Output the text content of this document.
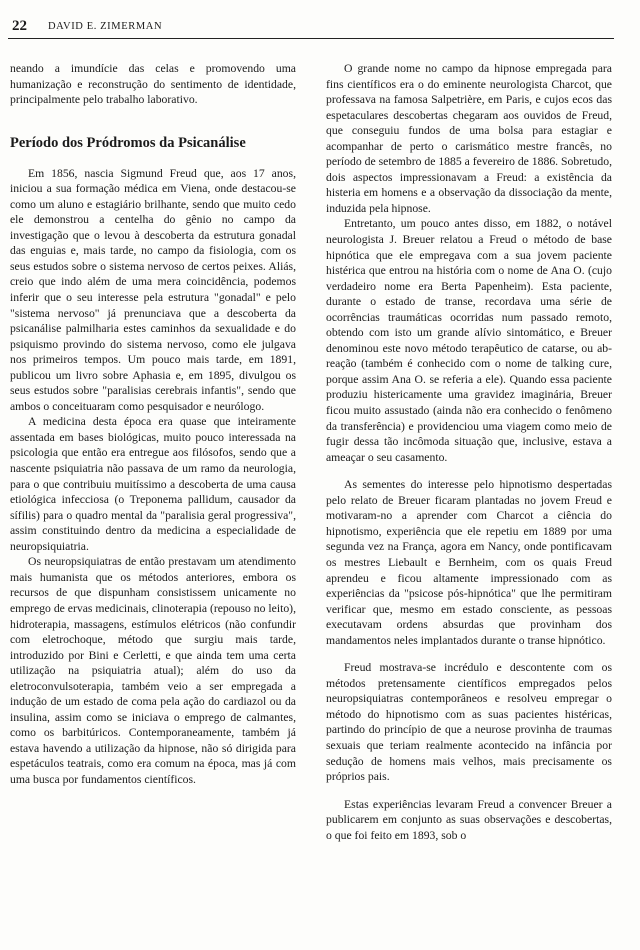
22 DAVID E. ZIMERMAN

neando a imundície das celas e promovendo uma humanização e reconstrução do sentimento de identidade, principalmente pelo trabalho laborativo.

Período dos Pródromos da Psicanálise

Em 1856, nascia Sigmund Freud que, aos 17 anos, iniciou a sua formação médica em Viena, onde destacou-se como um aluno e estagiário brilhante, sendo que muito cedo ele demonstrou a centelha do gênio no campo da investigação que o levou à descoberta da estrutura gonadal das enguias e, mais tarde, no campo da fisiologia, com os seus estudos sobre o sistema nervoso de certos peixes. Aliás, creio que indo além de uma mera coincidência, podemos inferir que o seu interesse pela estrutura "gonadal" e pelo "sistema nervoso" já prenunciava que a descoberta da psicanálise palmilharia estes caminhos da sexualidade e do psiquismo provindo do sistema nervoso, como ele julgava nos primeiros tempos. Um pouco mais tarde, em 1891, publicou um livro sobre Aphasia e, em 1895, divulgou os seus estudos sobre "paralisias cerebrais infantis", sendo que ambos o conceituaram como pesquisador e neurólogo.

A medicina desta época era quase que inteiramente assentada em bases biológicas, muito pouco interessada na psicologia que então era entregue aos filósofos, sendo que a nascente psiquiatria não passava de um ramo da neurologia, para o que contribuiu muitíssimo a descoberta de uma causa etiológica infecciosa (o Treponema pallidum, causador da sífilis) para o quadro mental da "paralisia geral progressiva", assim constituindo dentro da medicina a especialidade de neuropsiquiatria.

Os neuropsiquiatras de então prestavam um atendimento mais humanista que os métodos anteriores, embora os recursos de que dispunham consistissem unicamente no emprego de ervas medicinais, clinoterapia (repouso no leito), hidroterapia, massagens, estímulos elétricos (não confundir com eletrochoque, método que surgiu mais tarde, introduzido por Bini e Cerletti, e que ainda tem uma certa utilização na psiquiatria atual); além do uso da eletroconvulsoterapia, também veio a ser empregada a indução de um estado de coma pela ação do cardiazol ou da insulina, assim como se iniciava o emprego de calmantes, como os barbitúricos. Contemporaneamente, também já estava havendo a utilização da hipnose, não só dirigida para espetáculos teatrais, como era comum na época, mas já com uma busca por fundamentos científicos.

O grande nome no campo da hipnose empregada para fins científicos era o do eminente neurologista Charcot, que professava na famosa Salpetrière, em Paris, e cujos ecos das espetaculares descobertas chegaram aos ouvidos de Freud, que conseguiu fundos de uma bolsa para estagiar e acompanhar de perto o carismático mestre francês, no período de setembro de 1885 a fevereiro de 1886. Sobretudo, dois aspectos impressionavam a Freud: a existência da histeria em homens e a observação da dissociação da mente, induzida pela hipnose.

Entretanto, um pouco antes disso, em 1882, o notável neurologista J. Breuer relatou a Freud o método de base hipnótica que ele empregava com a sua jovem paciente histérica que entrou na história com o nome de Ana O. (cujo verdadeiro nome era Berta Papenheim). Esta paciente, durante o estado de transe, recordava uma série de ocorrências traumáticas ocorridas num passado remoto, obtendo com isto um grande alívio sintomático, e Breuer denominou este novo método terapêutico de catarse, ou ab-reação (também é conhecido com o nome de talking cure, porque assim Ana O. se referia a ele). Quando essa paciente produziu histericamente uma gravidez imaginária, Breuer ficou muito assustado (ainda não era conhecido o fenômeno da transferência) e providenciou uma viagem como meio de fugir dessa tão incômoda situação que, inclusive, estava a ameaçar o seu casamento.

As sementes do interesse pelo hipnotismo despertadas pelo relato de Breuer ficaram plantadas no jovem Freud e motivaram-no a aprender com Charcot a ciência do hipnotismo, experiência que ele repetiu em 1889 por uma segunda vez na França, agora em Nancy, onde pontificavam os mestres Liebault e Bernheim, com os quais Freud aprendeu e ficou altamente impressionado com as experiências da "psicose pós-hipnótica" que lhe permitiram verificar que, mesmo em estado consciente, as pessoas executavam ordens absurdas que provinham dos mandamentos neles implantados durante o transe hipnótico.

Freud mostrava-se incrédulo e descontente com os métodos pretensamente científicos empregados pelos neuropsiquiatras contemporâneos e resolveu empregar o método do hipnotismo com as suas pacientes histéricas, partindo do princípio de que a neurose provinha de traumas sexuais que teriam realmente acontecido na infância por sedução de homens mais velhos, mais precisamente os próprios pais.

Estas experiências levaram Freud a convencer Breuer a publicarem em conjunto as suas observações e descobertas, o que foi feito em 1893, sob o
